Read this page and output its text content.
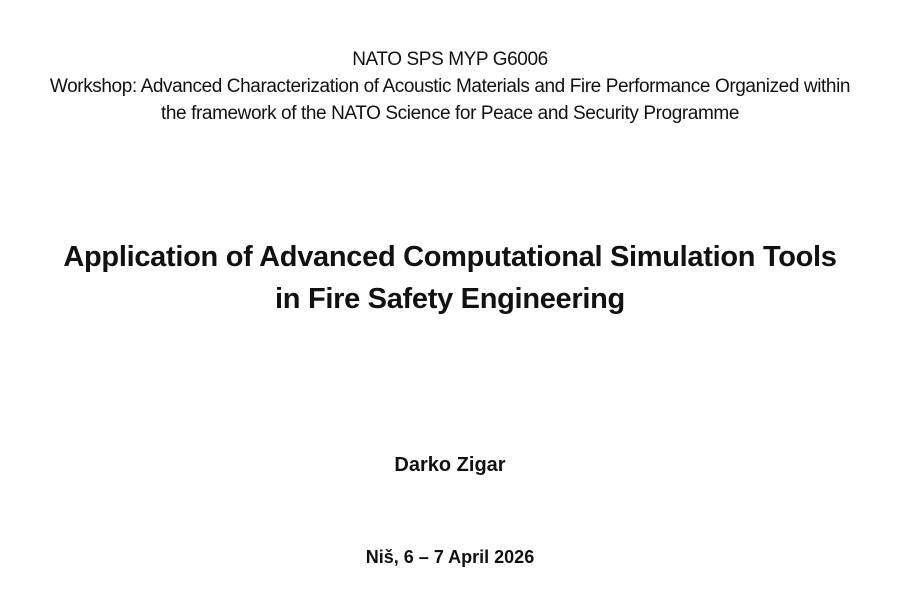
NATO SPS MYP G6006
Workshop: Advanced Characterization of Acoustic Materials and Fire Performance Organized within
the framework of the NATO Science for Peace and Security Programme
Application of Advanced Computational Simulation Tools
in Fire Safety Engineering
Darko Zigar
Niš, 6 – 7 April 2026
